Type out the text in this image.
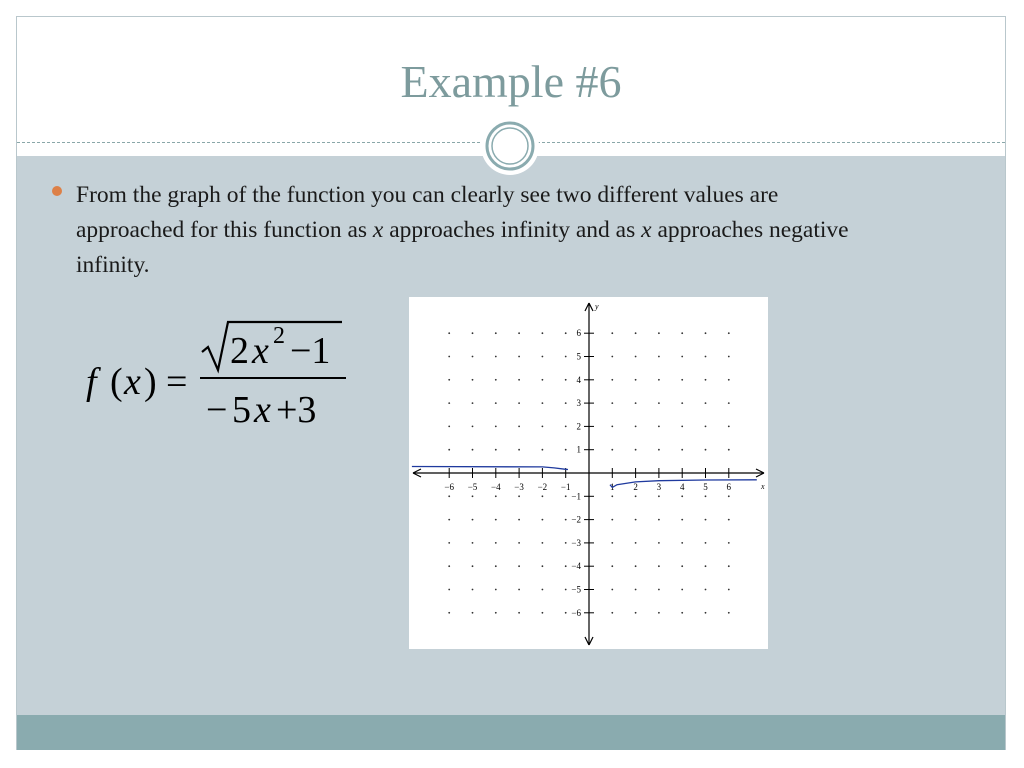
Example #6
From the graph of the function you can clearly see two different values are approached for this function as x approaches infinity and as x approaches negative infinity.
f ( x ) =
2 x 2 −1
− 5 x +3
−6 −5 −4 −3 −2 −1	1 2 3 4 5 6
6
5
4
3
2
1
−1
−2
−3
−4
−5
−6
x
y
